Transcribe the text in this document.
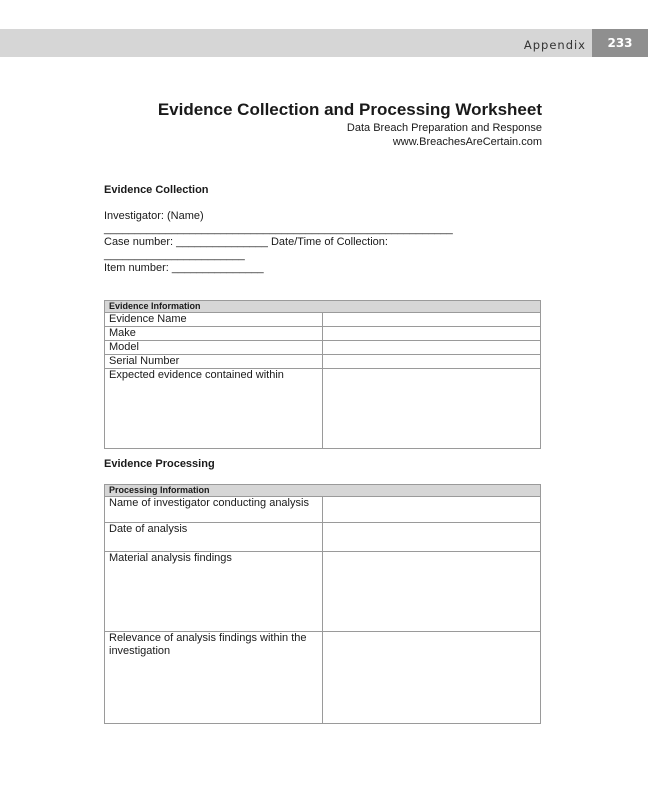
Appendix	233
Evidence Collection and Processing Worksheet
Data Breach Preparation and Response
www.BreachesAreCertain.com
Evidence Collection
Investigator: (Name)
_________________________________________________________
Case number: _______________ Date/Time of Collection:
_______________________
Item number: _______________
Evidence Information	
Evidence Name	
Make	
Model	
Serial Number	
Expected evidence contained within	
Evidence Processing
Processing Information	
Name of investigator conducting analysis	
Date of analysis	
Material analysis findings	
Relevance of analysis findings within the investigation	
